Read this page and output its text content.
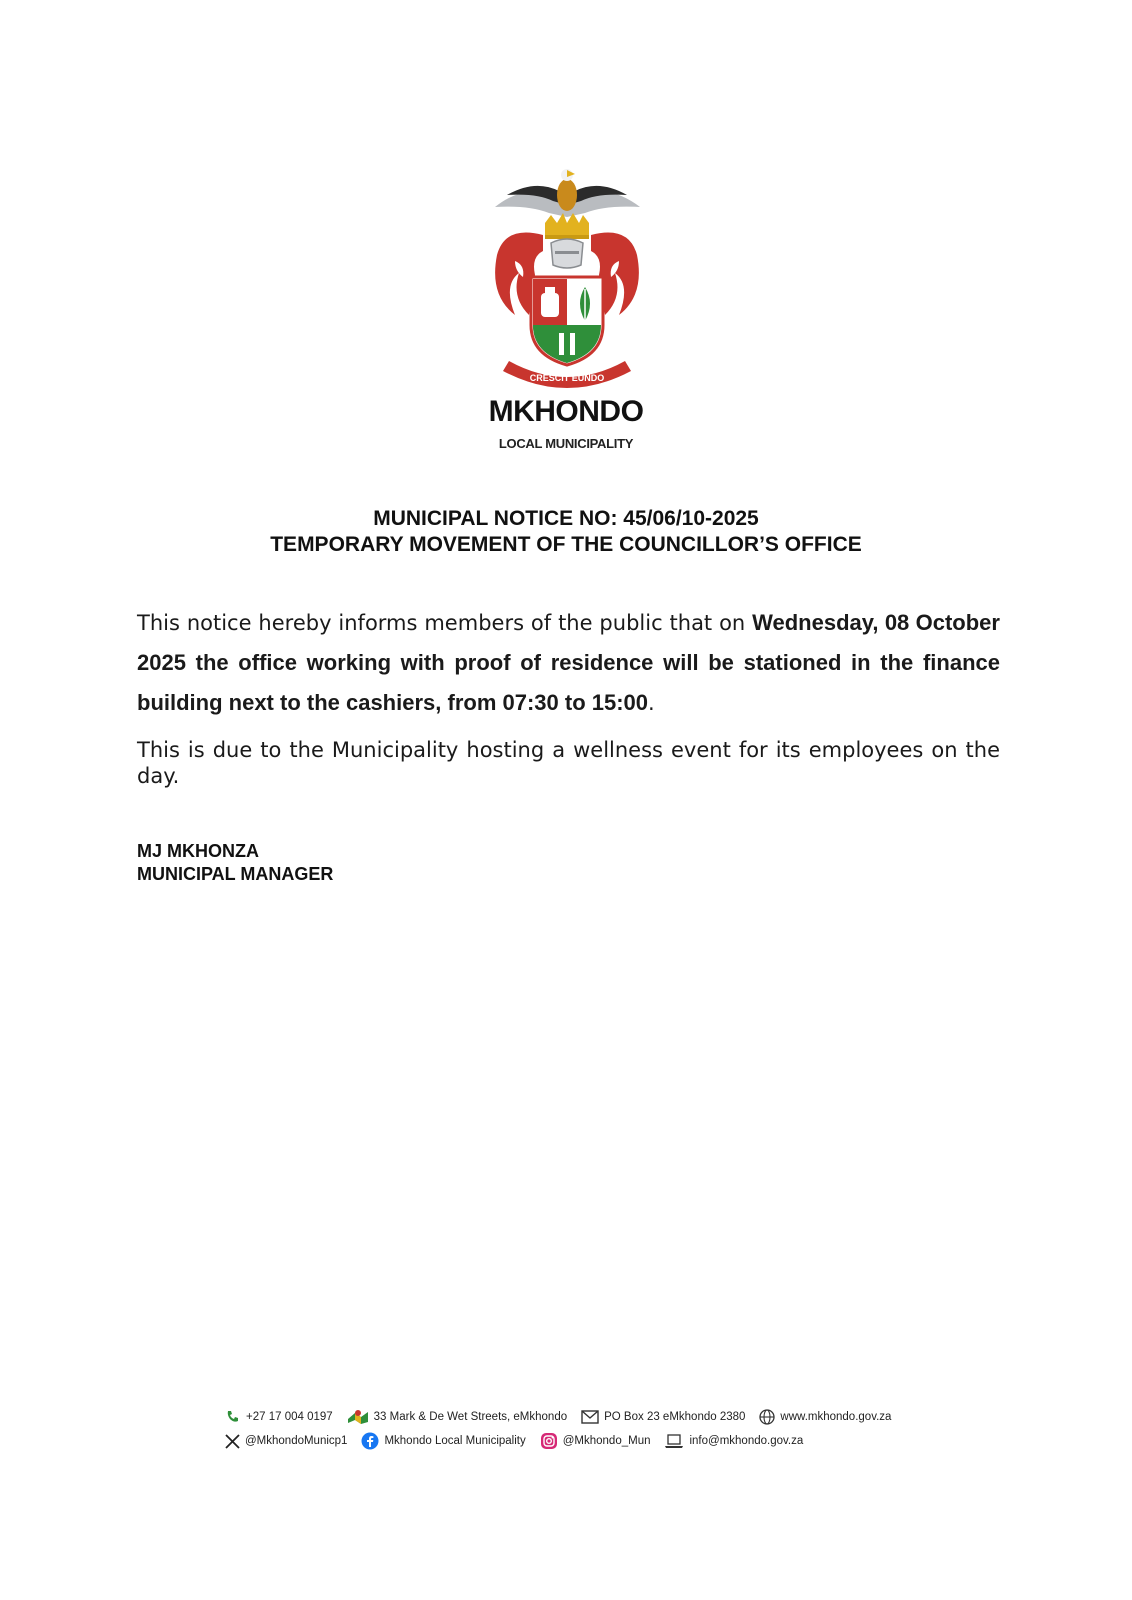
CRESCIT EUNDO
MKHONDO
LOCAL MUNICIPALITY
MUNICIPAL NOTICE NO: 45/06/10-2025
TEMPORARY MOVEMENT OF THE COUNCILLOR’S OFFICE
This notice hereby informs members of the public that on Wednesday, 08 October 2025 the office working with proof of residence will be stationed in the finance building next to the cashiers, from 07:30 to 15:00.
This is due to the Municipality hosting a wellness event for its employees on the day.
MJ MKHONZA
MUNICIPAL MANAGER
+27 17 004 0197	33 Mark & De Wet Streets, eMkhondo	PO Box 23 eMkhondo 2380	www.mkhondo.gov.za
@MkhondoMunicp1	Mkhondo Local Municipality	@Mkhondo_Mun	info@mkhondo.gov.za
